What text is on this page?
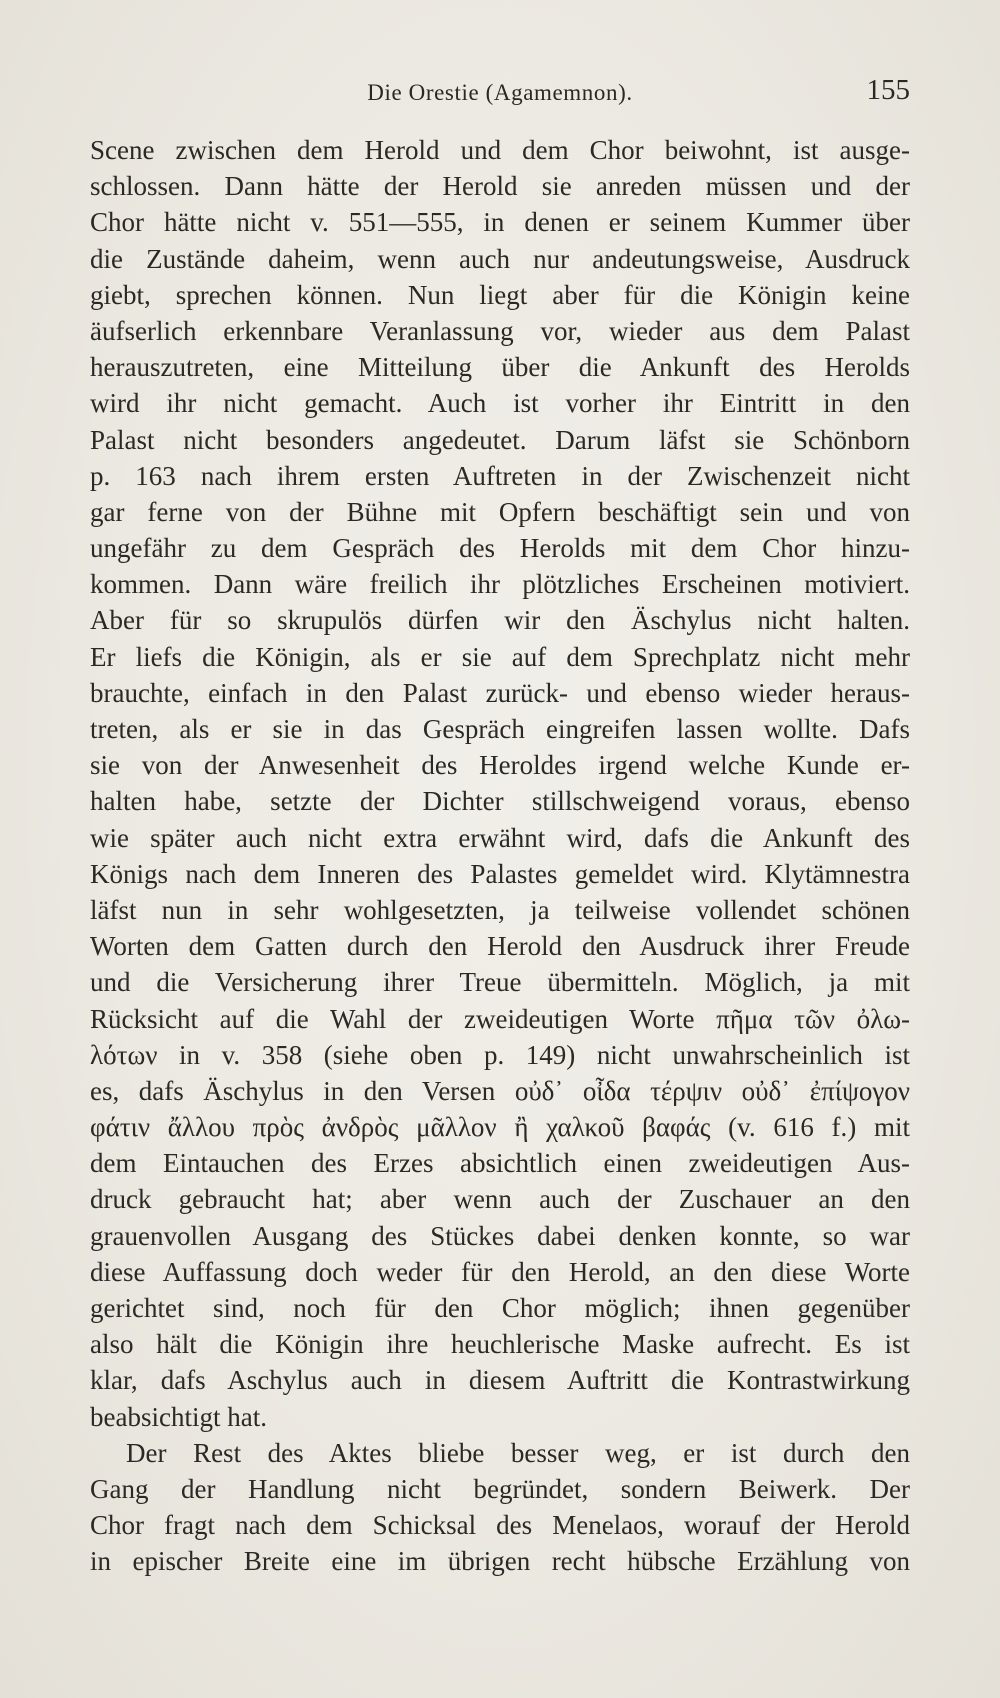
Die Orestie (Agamemnon).	155
Scene zwischen dem Herold und dem Chor beiwohnt, ist ausge-
schlossen. Dann hätte der Herold sie anreden müssen und der
Chor hätte nicht v. 551—555, in denen er seinem Kummer über
die Zustände daheim, wenn auch nur andeutungsweise, Ausdruck
giebt, sprechen können. Nun liegt aber für die Königin keine
äufserlich erkennbare Veranlassung vor, wieder aus dem Palast
herauszutreten, eine Mitteilung über die Ankunft des Herolds
wird ihr nicht gemacht. Auch ist vorher ihr Eintritt in den
Palast nicht besonders angedeutet. Darum läfst sie Schönborn
p. 163 nach ihrem ersten Auftreten in der Zwischenzeit nicht
gar ferne von der Bühne mit Opfern beschäftigt sein und von
ungefähr zu dem Gespräch des Herolds mit dem Chor hinzu-
kommen. Dann wäre freilich ihr plötzliches Erscheinen motiviert.
Aber für so skrupulös dürfen wir den Äschylus nicht halten.
Er liefs die Königin, als er sie auf dem Sprechplatz nicht mehr
brauchte, einfach in den Palast zurück- und ebenso wieder heraus-
treten, als er sie in das Gespräch eingreifen lassen wollte. Dafs
sie von der Anwesenheit des Heroldes irgend welche Kunde er-
halten habe, setzte der Dichter stillschweigend voraus, ebenso
wie später auch nicht extra erwähnt wird, dafs die Ankunft des
Königs nach dem Inneren des Palastes gemeldet wird. Klytämnestra
läfst nun in sehr wohlgesetzten, ja teilweise vollendet schönen
Worten dem Gatten durch den Herold den Ausdruck ihrer Freude
und die Versicherung ihrer Treue übermitteln. Möglich, ja mit
Rücksicht auf die Wahl der zweideutigen Worte πῆμα τῶν ὀλω-
λότων in v. 358 (siehe oben p. 149) nicht unwahrscheinlich ist
es, dafs Äschylus in den Versen οὐδ᾽ οἶδα τέρψιν οὐδ᾽ ἐπίψογον
φάτιν ἄλλου πρὸς ἀνδρὸς μᾶλλον ἢ χαλκοῦ βαφάς (v. 616 f.) mit
dem Eintauchen des Erzes absichtlich einen zweideutigen Aus-
druck gebraucht hat; aber wenn auch der Zuschauer an den
grauenvollen Ausgang des Stückes dabei denken konnte, so war
diese Auffassung doch weder für den Herold, an den diese Worte
gerichtet sind, noch für den Chor möglich; ihnen gegenüber
also hält die Königin ihre heuchlerische Maske aufrecht. Es ist
klar, dafs Aschylus auch in diesem Auftritt die Kontrastwirkung
beabsichtigt hat.
Der Rest des Aktes bliebe besser weg, er ist durch den
Gang der Handlung nicht begründet, sondern Beiwerk. Der
Chor fragt nach dem Schicksal des Menelaos, worauf der Herold
in epischer Breite eine im übrigen recht hübsche Erzählung von
